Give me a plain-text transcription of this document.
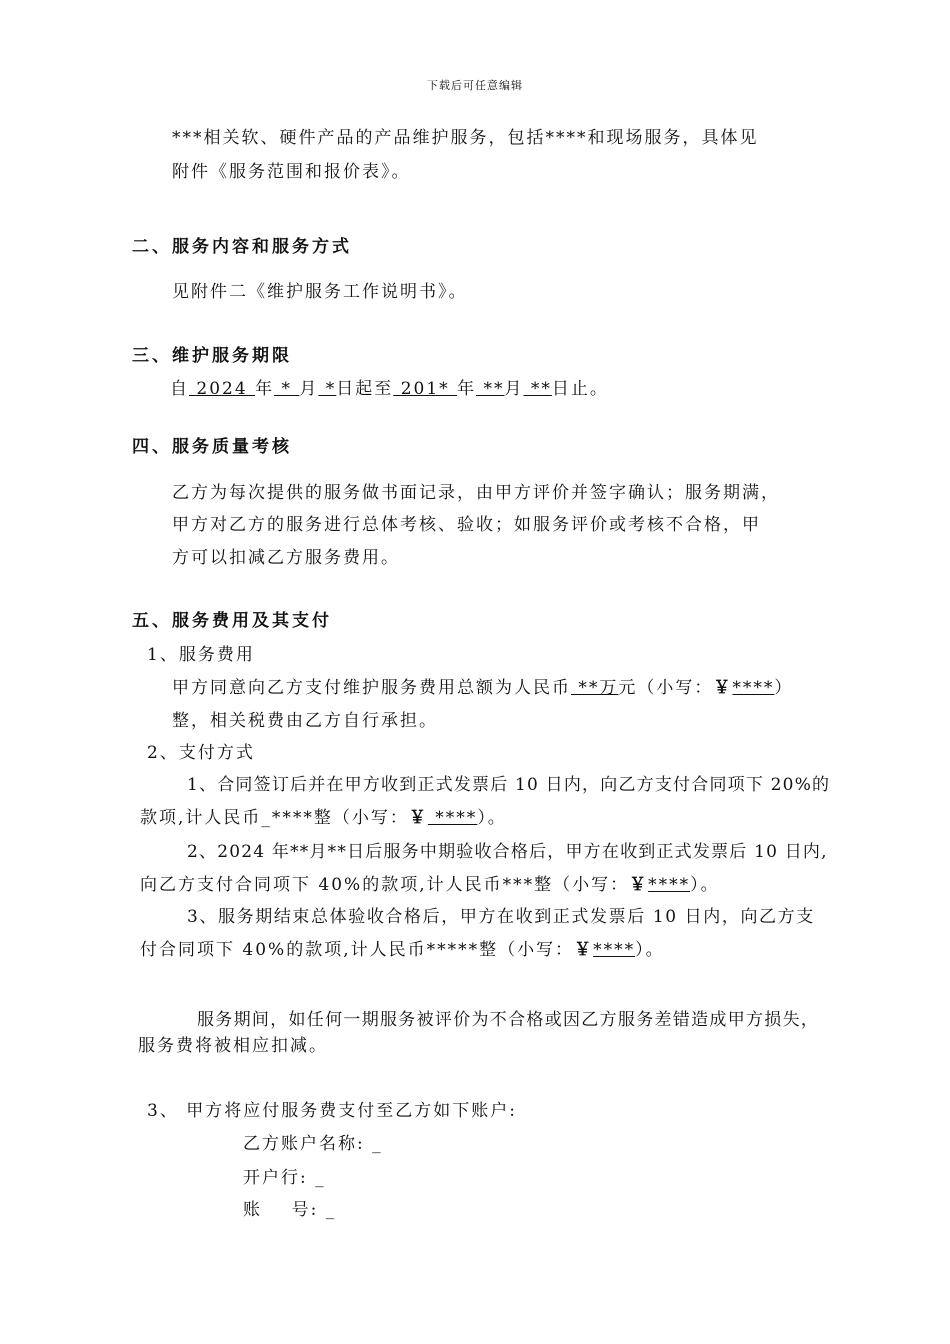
下载后可任意编辑
***相关软、硬件产品的产品维护服务，包括****和现场服务，具体见
附件《服务范围和报价表》。
二、服务内容和服务方式
见附件二《维护服务工作说明书》。
三、维护服务期限
自 2024 年 * 月 *日起至 201* 年 **月 **日止。
四、服务质量考核
乙方为每次提供的服务做书面记录，由甲方评价并签字确认；服务期满，
甲方对乙方的服务进行总体考核、验收；如服务评价或考核不合格，甲
方可以扣减乙方服务费用。
五、服务费用及其支付
1、服务费用
甲方同意向乙方支付维护服务费用总额为人民币 **万元（小写：￥****）
整，相关税费由乙方自行承担。
2、支付方式
1、合同签订后并在甲方收到正式发票后 10 日内，向乙方支付合同项下 20%的
款项,计人民币_****整（小写：￥ ****）。
2、2024 年**月**日后服务中期验收合格后，甲方在收到正式发票后 10 日内,
向乙方支付合同项下 40%的款项,计人民币***整（小写：￥****）。
3、服务期结束总体验收合格后，甲方在收到正式发票后 10 日内，向乙方支
付合同项下 40%的款项,计人民币*****整（小写：￥****）。
服务期间，如任何一期服务被评价为不合格或因乙方服务差错造成甲方损失，
服务费将被相应扣减。
3、 甲方将应付服务费支付至乙方如下账户:
乙方账户名称: _
开户行: _
账    号: _
